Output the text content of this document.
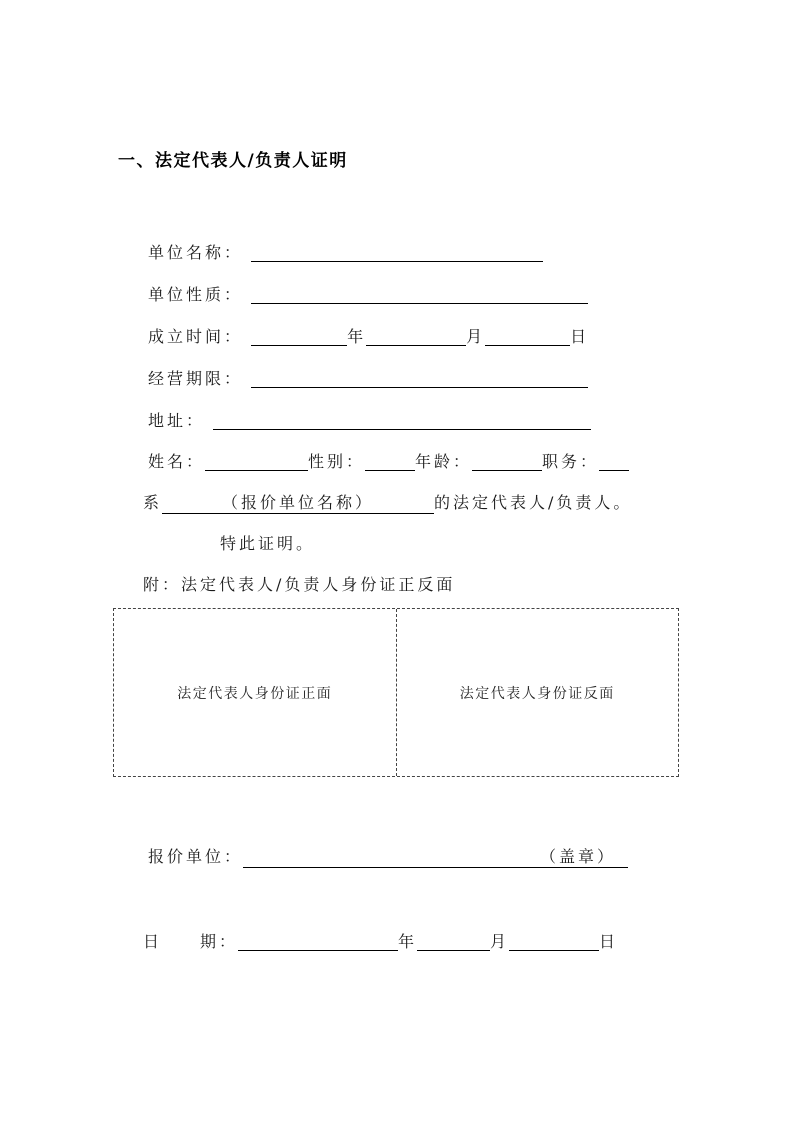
一、法定代表人/负责人证明
单位名称：
单位性质：
成立时间：	年	月	日
经营期限：
地址：
姓名：	性别：	年龄：	职务：
系	（报价单位名称）	的法定代表人/负责人。
特此证明。
附：法定代表人/负责人身份证正反面
法定代表人身份证正面	法定代表人身份证反面
报价单位：	（盖章）
日　　期：	年	月	日
